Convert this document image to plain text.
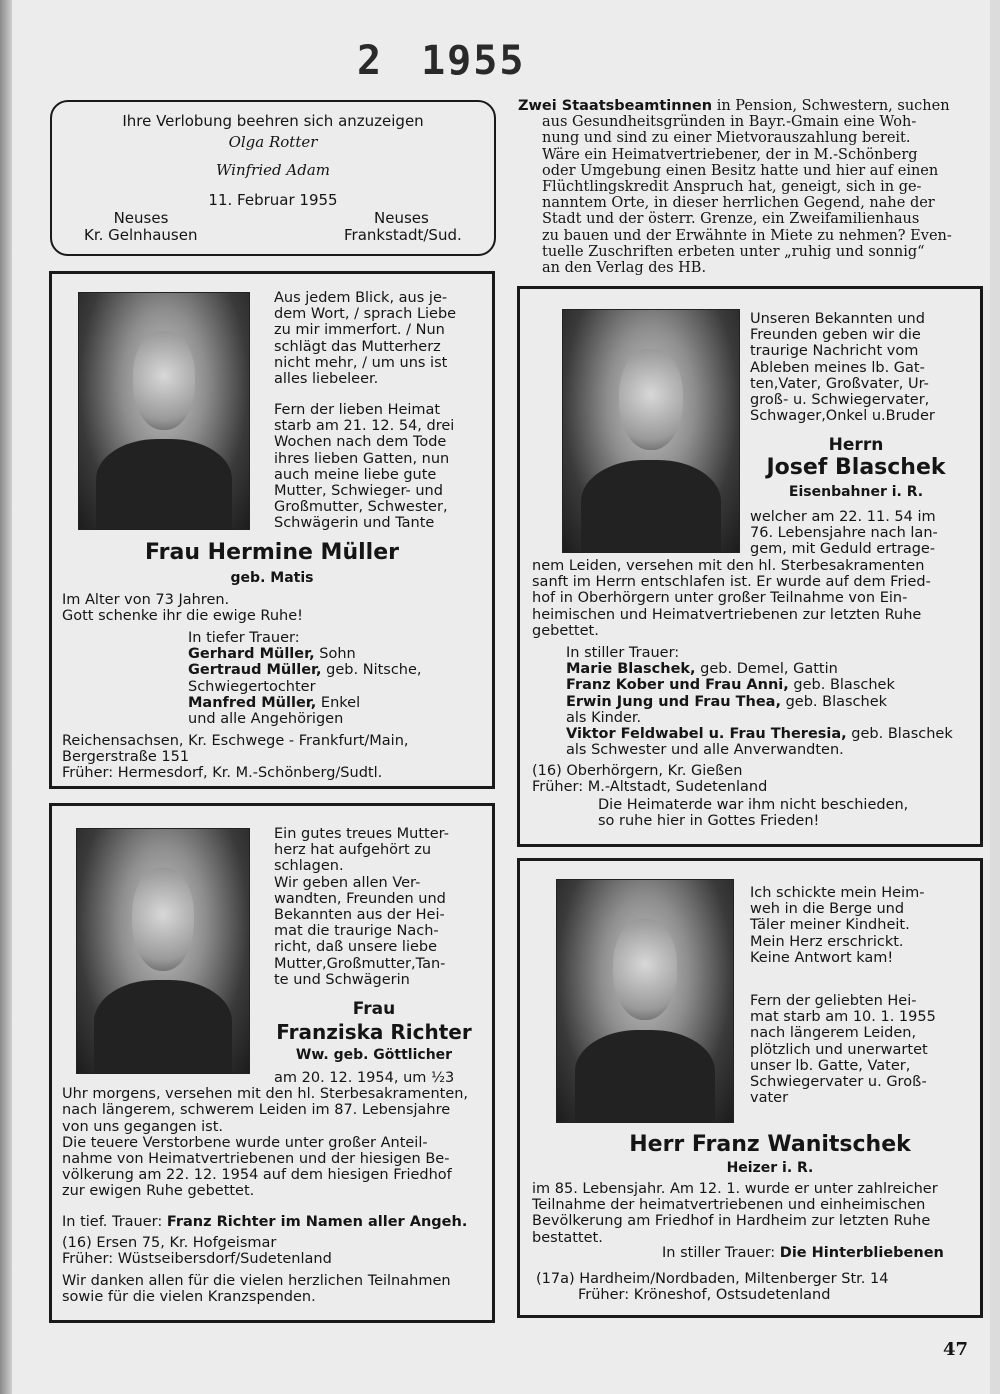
2 1955
Ihre Verlobung beehren sich anzuzeigen
Olga Rotter
Winfried Adam
11. Februar 1955
Neuses
Kr. Gelnhausen
Neuses
Frankstadt/Sud.
Zwei Staatsbeamtinnen in Pension, Schwestern, suchen
aus Gesundheitsgründen in Bayr.-Gmain eine Woh-
nung und sind zu einer Mietvorauszahlung bereit.
Wäre ein Heimatvertriebener, der in M.-Schönberg
oder Umgebung einen Besitz hatte und hier auf einen
Flüchtlingskredit Anspruch hat, geneigt, sich in ge-
nanntem Orte, in dieser herrlichen Gegend, nahe der
Stadt und der österr. Grenze, ein Zweifamilienhaus
zu bauen und der Erwähnte in Miete zu nehmen? Even-
tuelle Zuschriften erbeten unter „ruhig und sonnig“
an den Verlag des HB.
Aus jedem Blick, aus je-
dem Wort, / sprach Liebe
zu mir immerfort. / Nun
schlägt das Mutterherz
nicht mehr, / um uns ist
alles liebeleer.
Fern der lieben Heimat
starb am 21. 12. 54, drei
Wochen nach dem Tode
ihres lieben Gatten, nun
auch meine liebe gute
Mutter, Schwieger- und
Großmutter, Schwester,
Schwägerin und Tante
Frau Hermine Müller
geb. Matis
Im Alter von 73 Jahren.
Gott schenke ihr die ewige Ruhe!
In tiefer Trauer:
Gerhard Müller, Sohn
Gertraud Müller, geb. Nitsche,
Schwiegertochter
Manfred Müller, Enkel
und alle Angehörigen
Reichensachsen, Kr. Eschwege - Frankfurt/Main,
Bergerstraße 151
Früher: Hermesdorf, Kr. M.-Schönberg/Sudtl.
Unseren Bekannten und
Freunden geben wir die
traurige Nachricht vom
Ableben meines lb. Gat-
ten,Vater, Großvater, Ur-
groß- u. Schwiegervater,
Schwager,Onkel u.Bruder
Herrn
Josef Blaschek
Eisenbahner i. R.
welcher am 22. 11. 54 im
76. Lebensjahre nach lan-
gem, mit Geduld ertrage-
nem Leiden, versehen mit den hl. Sterbesakramenten
sanft im Herrn entschlafen ist. Er wurde auf dem Fried-
hof in Oberhörgern unter großer Teilnahme von Ein-
heimischen und Heimatvertriebenen zur letzten Ruhe
gebettet.
In stiller Trauer:
Marie Blaschek, geb. Demel, Gattin
Franz Kober und Frau Anni, geb. Blaschek
Erwin Jung und Frau Thea, geb. Blaschek
als Kinder.
Viktor Feldwabel u. Frau Theresia, geb. Blaschek
als Schwester und alle Anverwandten.
(16) Oberhörgern, Kr. Gießen
Früher: M.-Altstadt, Sudetenland
Die Heimaterde war ihm nicht beschieden,
so ruhe hier in Gottes Frieden!
Ein gutes treues Mutter-
herz hat aufgehört zu
schlagen.
Wir geben allen Ver-
wandten, Freunden und
Bekannten aus der Hei-
mat die traurige Nach-
richt, daß unsere liebe
Mutter,Großmutter,Tan-
te und Schwägerin
Frau
Franziska Richter
Ww. geb. Göttlicher
am 20. 12. 1954, um ½3
Uhr morgens, versehen mit den hl. Sterbesakramenten,
nach längerem, schwerem Leiden im 87. Lebensjahre
von uns gegangen ist.
Die teuere Verstorbene wurde unter großer Anteil-
nahme von Heimatvertriebenen und der hiesigen Be-
völkerung am 22. 12. 1954 auf dem hiesigen Friedhof
zur ewigen Ruhe gebettet.
In tief. Trauer: Franz Richter im Namen aller Angeh.
(16) Ersen 75, Kr. Hofgeismar
Früher: Wüstseibersdorf/Sudetenland
Wir danken allen für die vielen herzlichen Teilnahmen
sowie für die vielen Kranzspenden.
Ich schickte mein Heim-
weh in die Berge und
Täler meiner Kindheit.
Mein Herz erschrickt.
Keine Antwort kam!
Fern der geliebten Hei-
mat starb am 10. 1. 1955
nach längerem Leiden,
plötzlich und unerwartet
unser lb. Gatte, Vater,
Schwiegervater u. Groß-
vater
Herr Franz Wanitschek
Heizer i. R.
im 85. Lebensjahr. Am 12. 1. wurde er unter zahlreicher
Teilnahme der heimatvertriebenen und einheimischen
Bevölkerung am Friedhof in Hardheim zur letzten Ruhe
bestattet.
In stiller Trauer: Die Hinterbliebenen
(17a) Hardheim/Nordbaden, Miltenberger Str. 14
Früher: Kröneshof, Ostsudetenland
47
